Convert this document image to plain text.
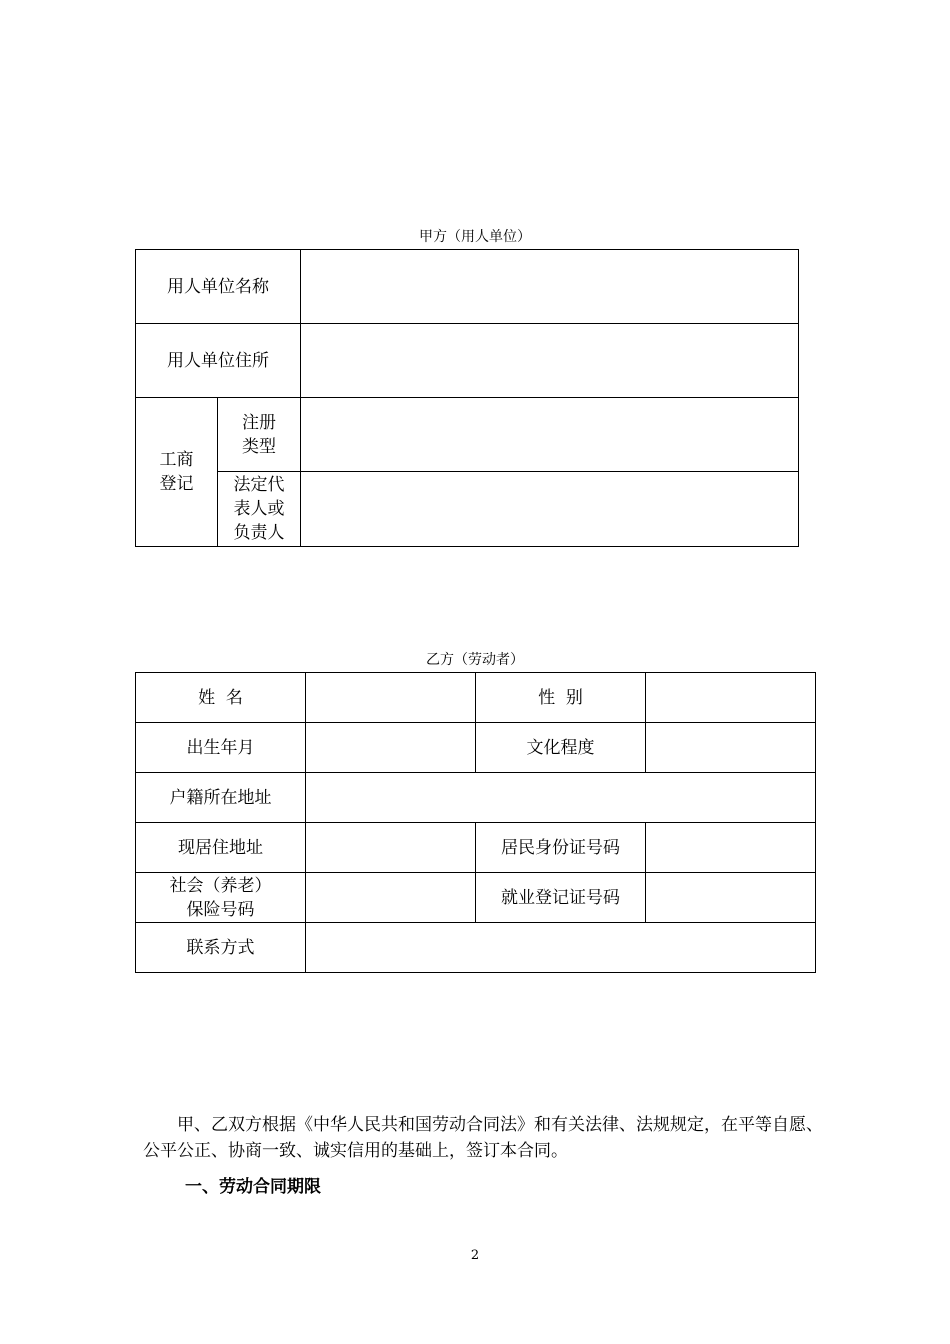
甲方（用人单位）
用人单位名称		
用人单位住所		
工商
登记	注册
类型	
	法定代
表人或
负责人	
乙方（劳动者）
姓  名		性  别	
出生年月		文化程度	
户籍所在地址			
现居住地址		居民身份证号码	
社会（养老）
保险号码		就业登记证号码	
联系方式			

甲、乙双方根据《中华人民共和国劳动合同法》和有关法律、法规规定，在平等自愿、公平公正、协商一致、诚实信用的基础上，签订本合同。

一、劳动合同期限
2
